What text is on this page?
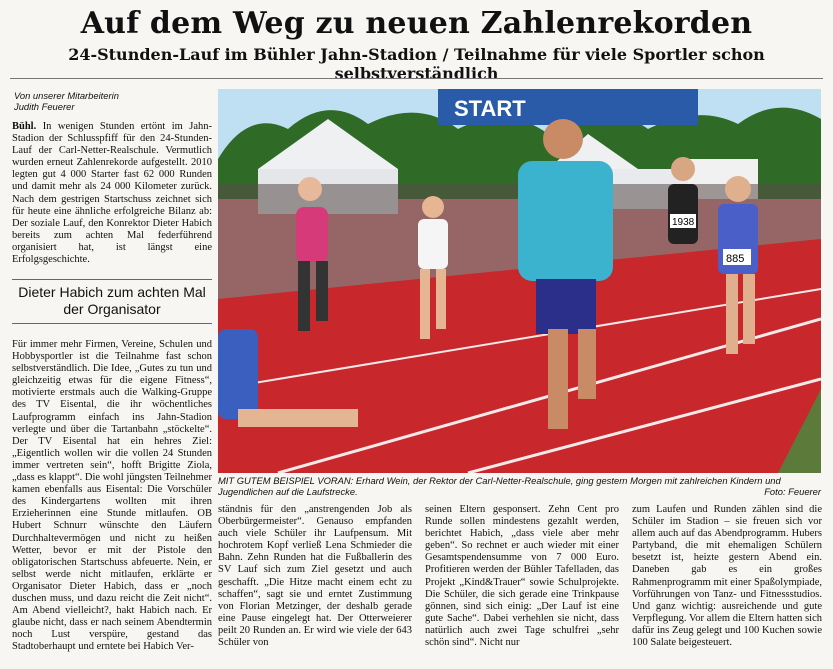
Auf dem Weg zu neuen Zahlenrekorden
24-Stunden-Lauf im Bühler Jahn-Stadion / Teilnahme für viele Sportler schon selbstverständlich
Von unserer Mitarbeiterin
Judith Feuerer
Bühl. In wenigen Stunden ertönt im Jahn-Stadion der Schlusspfiff für den 24-Stunden-Lauf der Carl-Netter-Realschule. Vermutlich wurden erneut Zahlenrekorde aufgestellt. 2010 legten gut 4 000 Starter fast 62 000 Runden und damit mehr als 24 000 Kilometer zurück. Nach dem gestrigen Startschuss zeichnet sich für heute eine ähnliche erfolgreiche Bilanz ab: Der soziale Lauf, den Konrektor Dieter Habich bereits zum achten Mal federführend organisiert hat, ist längst eine Erfolgsgeschichte.
Dieter Habich zum achten Mal der Organisator
Für immer mehr Firmen, Vereine, Schulen und Hobbysportler ist die Teilnahme fast schon selbstverständlich. Die Idee, „Gutes zu tun und gleichzeitig etwas für die eigene Fitness“, motivierte erstmals auch die Walking-Gruppe des TV Eisental, die ihr wöchentliches Laufprogramm einfach ins Jahn-Stadion verlegte und über die Tartanbahn „stöckelte“. Der TV Eisental hat ein hehres Ziel: „Eigentlich wollen wir die vollen 24 Stunden immer vertreten sein“, hofft Brigitte Ziola, „dass es klappt“. Die wohl jüngsten Teilnehmer kamen ebenfalls aus Eisental: Die Vorschüler des Kindergartens wollten mit ihren Erzieherinnen eine Stunde mitlaufen. OB Hubert Schnurr wünschte den Läufern Durchhaltevermögen und nicht zu heißen Wetter, bevor er mit der Pistole den obligatorischen Startschuss abfeuerte. Nein, er selbst werde nicht mitlaufen, erklärte er Organisator Dieter Habich, dass er „noch duschen muss, und dazu reicht die Zeit nicht“. Am Abend vielleicht?, hakt Habich nach. Er glaube nicht, dass er nach seinem Abendtermin noch Lust verspüre, gestand das Stadtoberhaupt und erntete bei Habich Ver-
START
1938
885
MIT GUTEM BEISPIEL VORAN: Erhard Wein, der Rektor der Carl-Netter-Realschule, ging gestern Morgen mit zahlreichen Kindern und Jugendlichen auf die Laufstrecke.	Foto: Feuerer
ständnis für den „anstrengenden Job als Oberbürgermeister“. Genauso empfanden auch viele Schüler ihr Laufpensum. Mit hochrotem Kopf verließ Lena Schmieder die Bahn. Zehn Runden hat die Fußballerin des SV Lauf sich zum Ziel gesetzt und auch geschafft. „Die Hitze macht einem echt zu schaffen“, sagt sie und erntet Zustimmung von Florian Metzinger, der deshalb gerade eine Pause eingelegt hat. Der Otterweierer peilt 20 Runden an. Er wird wie viele der 643 Schüler von
seinen Eltern gesponsert. Zehn Cent pro Runde sollen mindestens gezahlt werden, berichtet Habich, „dass viele aber mehr geben“. So rechnet er auch wieder mit einer Gesamtspendensumme von 7 000 Euro. Profitieren werden der Bühler Tafelladen, das Projekt „Kind&Trauer“ sowie Schulprojekte. Die Schüler, die sich gerade eine Trinkpause gönnen, sind sich einig: „Der Lauf ist eine gute Sache“. Dabei verhehlen sie nicht, dass natürlich auch zwei Tage schulfrei „sehr schön sind“. Nicht nur
zum Laufen und Runden zählen sind die Schüler im Stadion – sie freuen sich vor allem auch auf das Abendprogramm. Hubers Partyband, die mit ehemaligen Schülern besetzt ist, heizte gestern Abend ein. Daneben gab es ein großes Rahmenprogramm mit einer Spaßolympiade, Vorführungen von Tanz- und Fitnessstudios. Und ganz wichtig: ausreichende und gute Verpflegung. Vor allem die Eltern hatten sich dafür ins Zeug gelegt und 100 Kuchen sowie 100 Salate beigesteuert.
